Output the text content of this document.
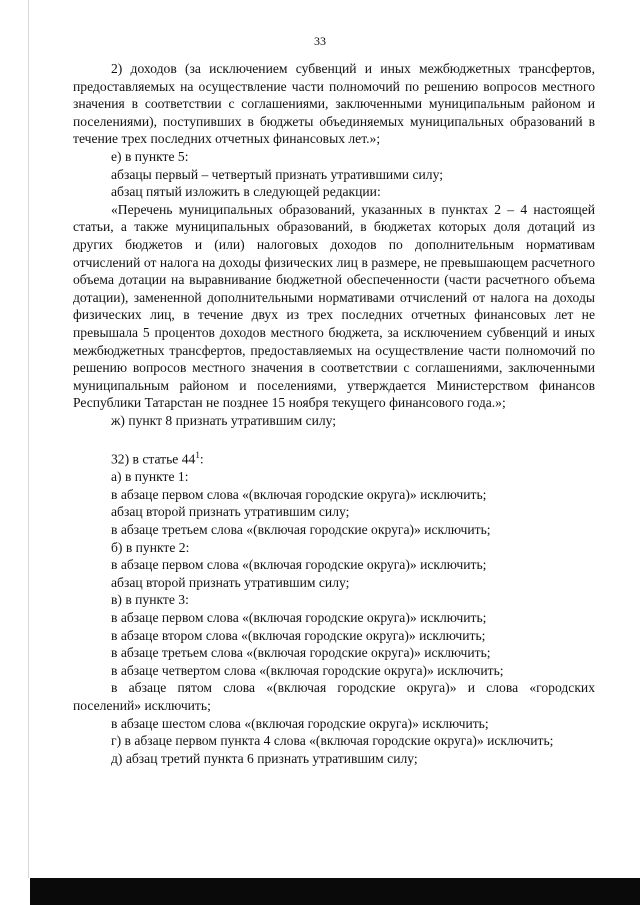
33

2) доходов (за исключением субвенций и иных межбюджетных трансфертов, предоставляемых на осуществление части полномочий по решению вопросов местного значения в соответствии с соглашениями, заключенными муниципальным районом и поселениями), поступивших в бюджеты объединяемых муниципальных образований в течение трех последних отчетных финансовых лет.»;

е) в пункте 5:

абзацы первый – четвертый признать утратившими силу;

абзац пятый изложить в следующей редакции:

«Перечень муниципальных образований, указанных в пунктах 2 – 4 настоящей статьи, а также муниципальных образований, в бюджетах которых доля дотаций из других бюджетов и (или) налоговых доходов по дополнительным нормативам отчислений от налога на доходы физических лиц в размере, не превышающем расчетного объема дотации на выравнивание бюджетной обеспеченности (части расчетного объема дотации), замененной дополнительными нормативами отчислений от налога на доходы физических лиц, в течение двух из трех последних отчетных финансовых лет не превышала 5 процентов доходов местного бюджета, за исключением субвенций и иных межбюджетных трансфертов, предоставляемых на осуществление части полномочий по решению вопросов местного значения в соответствии с соглашениями, заключенными муниципальным районом и поселениями, утверждается Министерством финансов Республики Татарстан не позднее 15 ноября текущего финансового года.»;

ж) пункт 8 признать утратившим силу;

32) в статье $44^1$:

а) в пункте 1:

в абзаце первом слова «(включая городские округа)» исключить;

абзац второй признать утратившим силу;

в абзаце третьем слова «(включая городские округа)» исключить;

б) в пункте 2:

в абзаце первом слова «(включая городские округа)» исключить;

абзац второй признать утратившим силу;

в) в пункте 3:

в абзаце первом слова «(включая городские округа)» исключить;

в абзаце втором слова «(включая городские округа)» исключить;

в абзаце третьем слова «(включая городские округа)» исключить;

в абзаце четвертом слова «(включая городские округа)» исключить;

в абзаце пятом слова «(включая городские округа)» и слова «городских поселений» исключить;

в абзаце шестом слова «(включая городские округа)» исключить;

г) в абзаце первом пункта 4 слова «(включая городские округа)» исключить;

д) абзац третий пункта 6 признать утратившим силу;
